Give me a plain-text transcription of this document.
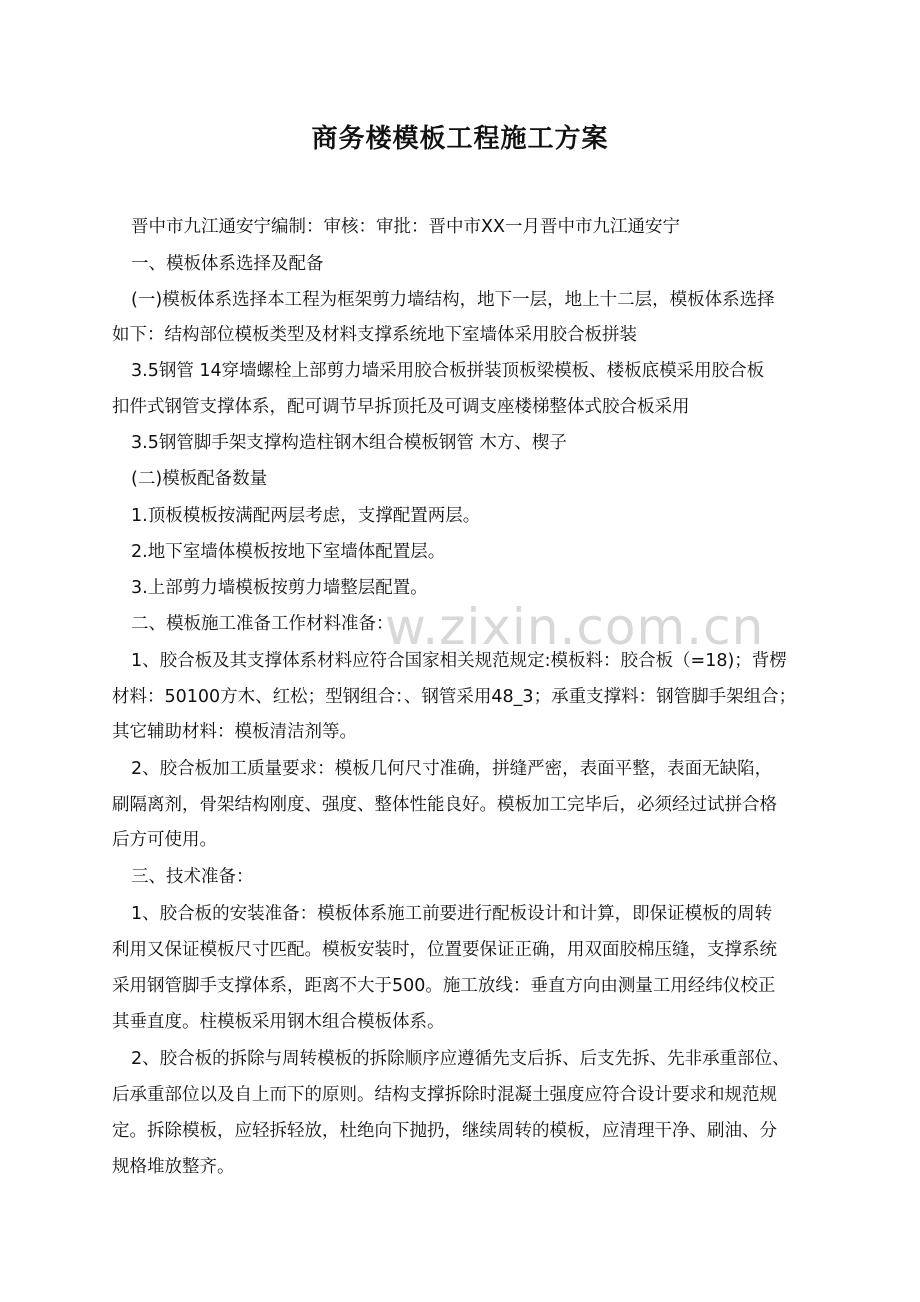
商务楼模板工程施工方案
w.zixin.com.cn
晋中市九江通安宁编制：审核：审批：晋中市XX一月晋中市九江通安宁
一、模板体系选择及配备
(一)模板体系选择本工程为框架剪力墙结构，地下一层，地上十二层，模板体系选择
如下：结构部位模板类型及材料支撑系统地下室墙体采用胶合板拼装
3.5钢管 14穿墙螺栓上部剪力墙采用胶合板拼装顶板梁模板、楼板底模采用胶合板
扣件式钢管支撑体系，配可调节早拆顶托及可调支座楼梯整体式胶合板采用
3.5钢管脚手架支撑构造柱钢木组合模板钢管 木方、楔子
(二)模板配备数量
1.顶板模板按满配两层考虑，支撑配置两层。
2.地下室墙体模板按地下室墙体配置层。
3.上部剪力墙模板按剪力墙整层配置。
二、模板施工准备工作材料准备：
1、胶合板及其支撑体系材料应符合国家相关规范规定:模板料：胶合板（=18)；背楞
材料：50100方木、红松；型钢组合：、钢管采用48_3；承重支撑料：钢管脚手架组合；
其它辅助材料：模板清洁剂等。
2、胶合板加工质量要求：模板几何尺寸准确，拼缝严密，表面平整，表面无缺陷，
刷隔离剂，骨架结构刚度、强度、整体性能良好。模板加工完毕后，必须经过试拼合格
后方可使用。
三、技术准备：
1、胶合板的安装准备：模板体系施工前要进行配板设计和计算，即保证模板的周转
利用又保证模板尺寸匹配。模板安装时，位置要保证正确，用双面胶棉压缝，支撑系统
采用钢管脚手支撑体系，距离不大于500。施工放线：垂直方向由测量工用经纬仪校正
其垂直度。柱模板采用钢木组合模板体系。
2、胶合板的拆除与周转模板的拆除顺序应遵循先支后拆、后支先拆、先非承重部位、
后承重部位以及自上而下的原则。结构支撑拆除时混凝土强度应符合设计要求和规范规
定。拆除模板，应轻拆轻放，杜绝向下抛扔，继续周转的模板，应清理干净、刷油、分
规格堆放整齐。
